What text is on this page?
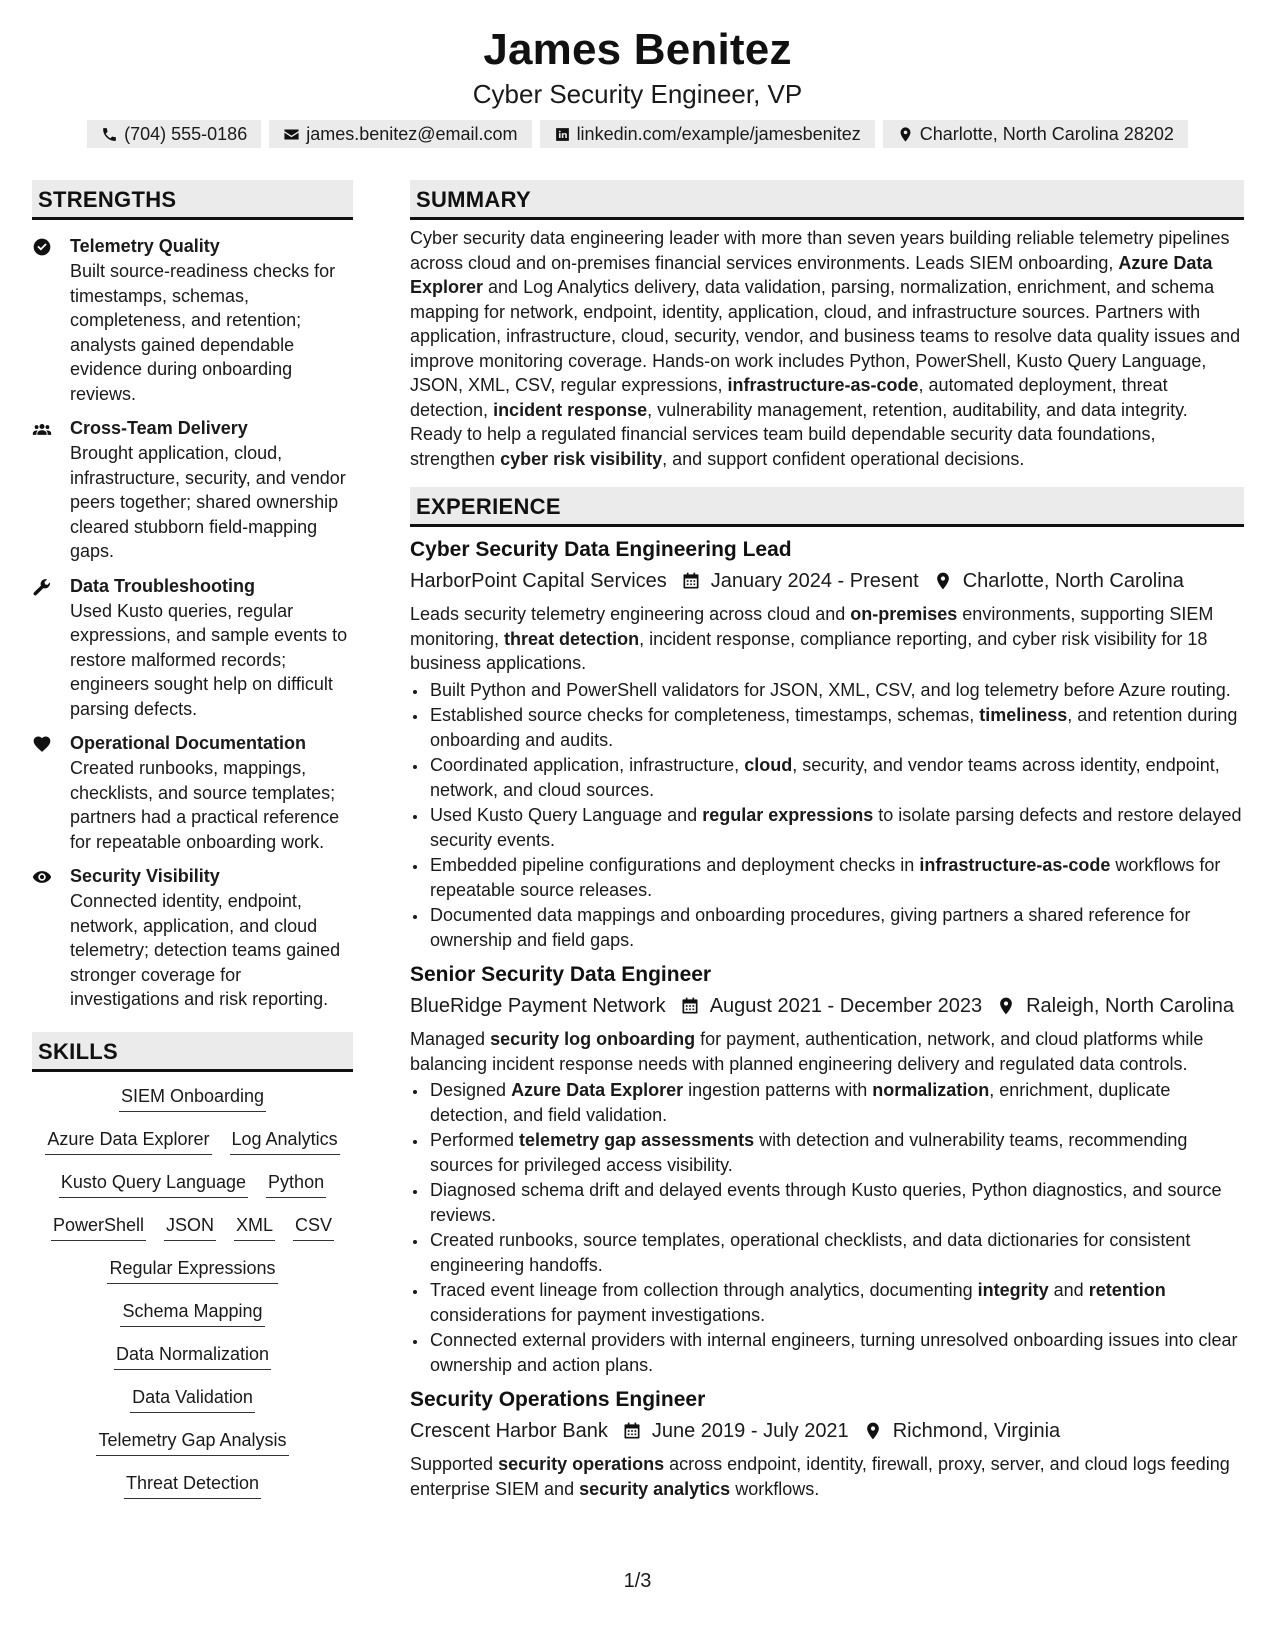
James Benitez
Cyber Security Engineer, VP
(704) 555-0186	james.benitez@email.com	linkedin.com/example/jamesbenitez	Charlotte, North Carolina 28202
STRENGTHS
Telemetry Quality
Built source-readiness checks for timestamps, schemas, completeness, and retention; analysts gained dependable evidence during onboarding reviews.
Cross-Team Delivery
Brought application, cloud, infrastructure, security, and vendor peers together; shared ownership cleared stubborn field-mapping gaps.
Data Troubleshooting
Used Kusto queries, regular expressions, and sample events to restore malformed records; engineers sought help on difficult parsing defects.
Operational Documentation
Created runbooks, mappings, checklists, and source templates; partners had a practical reference for repeatable onboarding work.
Security Visibility
Connected identity, endpoint, network, application, and cloud telemetry; detection teams gained stronger coverage for investigations and risk reporting.
SKILLS
SIEM Onboarding
Azure Data Explorer Log Analytics
Kusto Query Language Python
PowerShell JSON XML CSV
Regular Expressions
Schema Mapping
Data Normalization
Data Validation
Telemetry Gap Analysis
Threat Detection
SUMMARY
Cyber security data engineering leader with more than seven years building reliable telemetry pipelines across cloud and on-premises financial services environments. Leads SIEM onboarding, Azure Data Explorer and Log Analytics delivery, data validation, parsing, normalization, enrichment, and schema mapping for network, endpoint, identity, application, cloud, and infrastructure sources. Partners with application, infrastructure, cloud, security, vendor, and business teams to resolve data quality issues and improve monitoring coverage. Hands-on work includes Python, PowerShell, Kusto Query Language, JSON, XML, CSV, regular expressions, infrastructure-as-code, automated deployment, threat detection, incident response, vulnerability management, retention, auditability, and data integrity. Ready to help a regulated financial services team build dependable security data foundations, strengthen cyber risk visibility, and support confident operational decisions.
EXPERIENCE
Cyber Security Data Engineering Lead
HarborPoint Capital Services January 2024 - Present Charlotte, North Carolina
Leads security telemetry engineering across cloud and on-premises environments, supporting SIEM monitoring, threat detection, incident response, compliance reporting, and cyber risk visibility for 18 business applications.
• Built Python and PowerShell validators for JSON, XML, CSV, and log telemetry before Azure routing.
• Established source checks for completeness, timestamps, schemas, timeliness, and retention during onboarding and audits.
• Coordinated application, infrastructure, cloud, security, and vendor teams across identity, endpoint, network, and cloud sources.
• Used Kusto Query Language and regular expressions to isolate parsing defects and restore delayed security events.
• Embedded pipeline configurations and deployment checks in infrastructure-as-code workflows for repeatable source releases.
• Documented data mappings and onboarding procedures, giving partners a shared reference for ownership and field gaps.
Senior Security Data Engineer
BlueRidge Payment Network August 2021 - December 2023 Raleigh, North Carolina
Managed security log onboarding for payment, authentication, network, and cloud platforms while balancing incident response needs with planned engineering delivery and regulated data controls.
• Designed Azure Data Explorer ingestion patterns with normalization, enrichment, duplicate detection, and field validation.
• Performed telemetry gap assessments with detection and vulnerability teams, recommending sources for privileged access visibility.
• Diagnosed schema drift and delayed events through Kusto queries, Python diagnostics, and source reviews.
• Created runbooks, source templates, operational checklists, and data dictionaries for consistent engineering handoffs.
• Traced event lineage from collection through analytics, documenting integrity and retention considerations for payment investigations.
• Connected external providers with internal engineers, turning unresolved onboarding issues into clear ownership and action plans.
Security Operations Engineer
Crescent Harbor Bank June 2019 - July 2021 Richmond, Virginia
Supported security operations across endpoint, identity, firewall, proxy, server, and cloud logs feeding enterprise SIEM and security analytics workflows.
1/3
